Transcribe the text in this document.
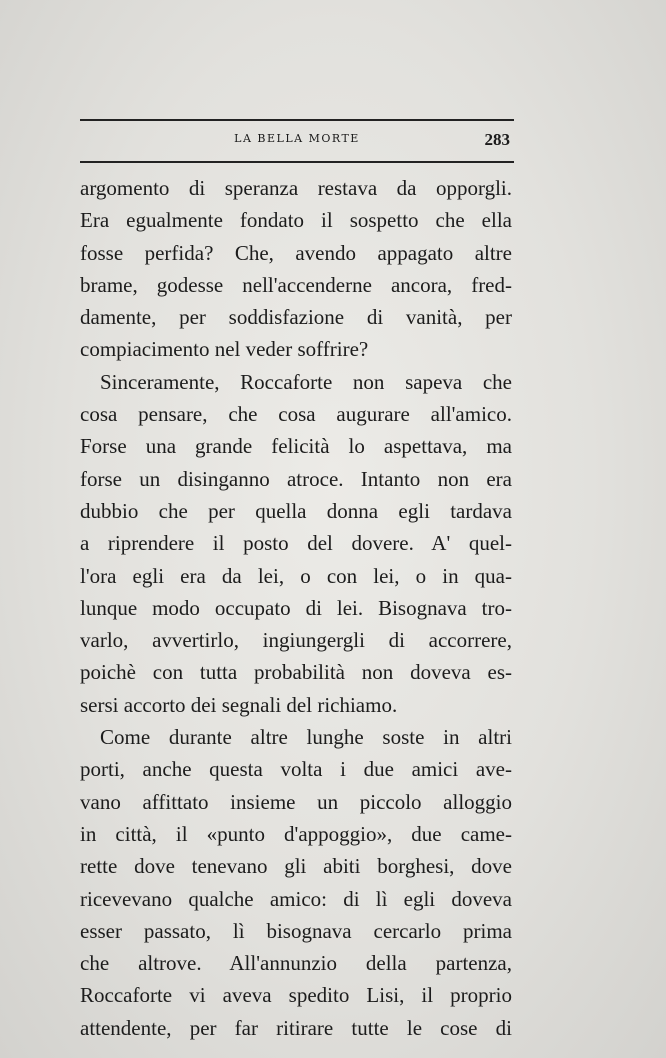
LA BELLA MORTE	283
argomento di speranza restava da opporgli.
Era egualmente fondato il sospetto che ella
fosse perfida? Che, avendo appagato altre
brame, godesse nell'accenderne ancora, fred-
damente, per soddisfazione di vanità, per
compiacimento nel veder soffrire?
Sinceramente, Roccaforte non sapeva che
cosa pensare, che cosa augurare all'amico.
Forse una grande felicità lo aspettava, ma
forse un disinganno atroce. Intanto non era
dubbio che per quella donna egli tardava
a riprendere il posto del dovere. A' quel-
l'ora egli era da lei, o con lei, o in qua-
lunque modo occupato di lei. Bisognava tro-
varlo, avvertirlo, ingiungergli di accorrere,
poichè con tutta probabilità non doveva es-
sersi accorto dei segnali del richiamo.
Come durante altre lunghe soste in altri
porti, anche questa volta i due amici ave-
vano affittato insieme un piccolo alloggio
in città, il «punto d'appoggio», due came-
rette dove tenevano gli abiti borghesi, dove
ricevevano qualche amico: di lì egli doveva
esser passato, lì bisognava cercarlo prima
che altrove. All'annunzio della partenza,
Roccaforte vi aveva spedito Lisi, il proprio
attendente, per far ritirare tutte le cose di
